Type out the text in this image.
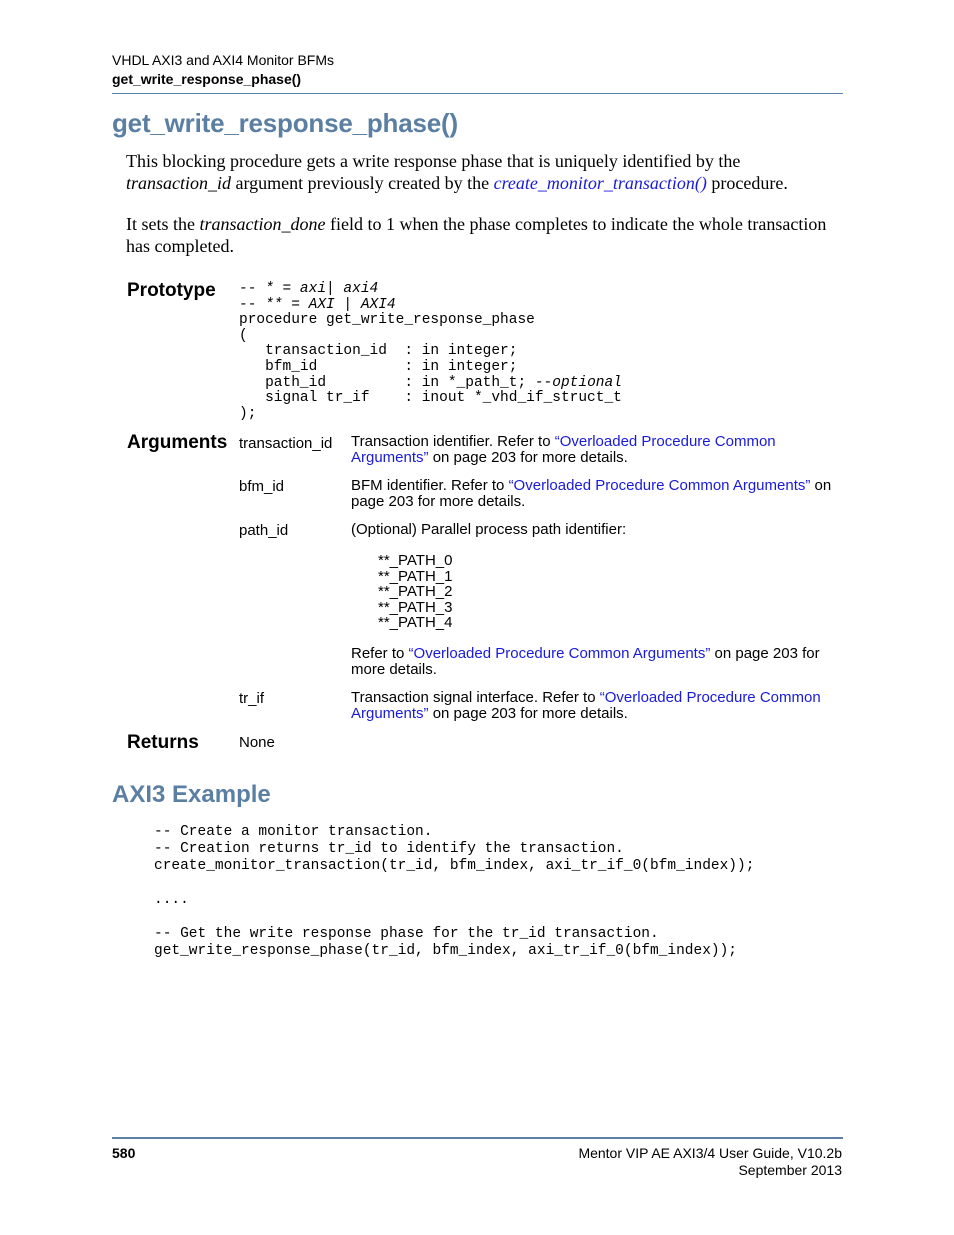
VHDL AXI3 and AXI4 Monitor BFMs
get_write_response_phase()
get_write_response_phase()
This blocking procedure gets a write response phase that is uniquely identified by the
transaction_id argument previously created by the create_monitor_transaction() procedure.
It sets the transaction_done field to 1 when the phase completes to indicate the whole transaction has completed.
Prototype -- * = axi| axi4
-- ** = AXI | AXI4
procedure get_write_response_phase
(
transaction_id  : in integer;
bfm_id          : in integer;
path_id         : in *_path_t; --optional
signal tr_if    : inout *_vhd_if_struct_t
);
Arguments transaction_id Transaction identifier. Refer to “Overloaded Procedure Common Arguments” on page 203 for more details.
bfm_id	BFM identifier. Refer to “Overloaded Procedure Common Arguments” on page 203 for more details.
path_id	(Optional) Parallel process path identifier:
**_PATH_0
**_PATH_1
**_PATH_2
**_PATH_3
**_PATH_4
Refer to “Overloaded Procedure Common Arguments” on page 203 for more details.
tr_if	Transaction signal interface. Refer to “Overloaded Procedure Common Arguments” on page 203 for more details.
Returns	None
AXI3 Example
-- Create a monitor transaction.
-- Creation returns tr_id to identify the transaction.
create_monitor_transaction(tr_id, bfm_index, axi_tr_if_0(bfm_index));
....
-- Get the write response phase for the tr_id transaction.
get_write_response_phase(tr_id, bfm_index, axi_tr_if_0(bfm_index));
580	Mentor VIP AE AXI3/4 User Guide, V10.2b
September 2013
